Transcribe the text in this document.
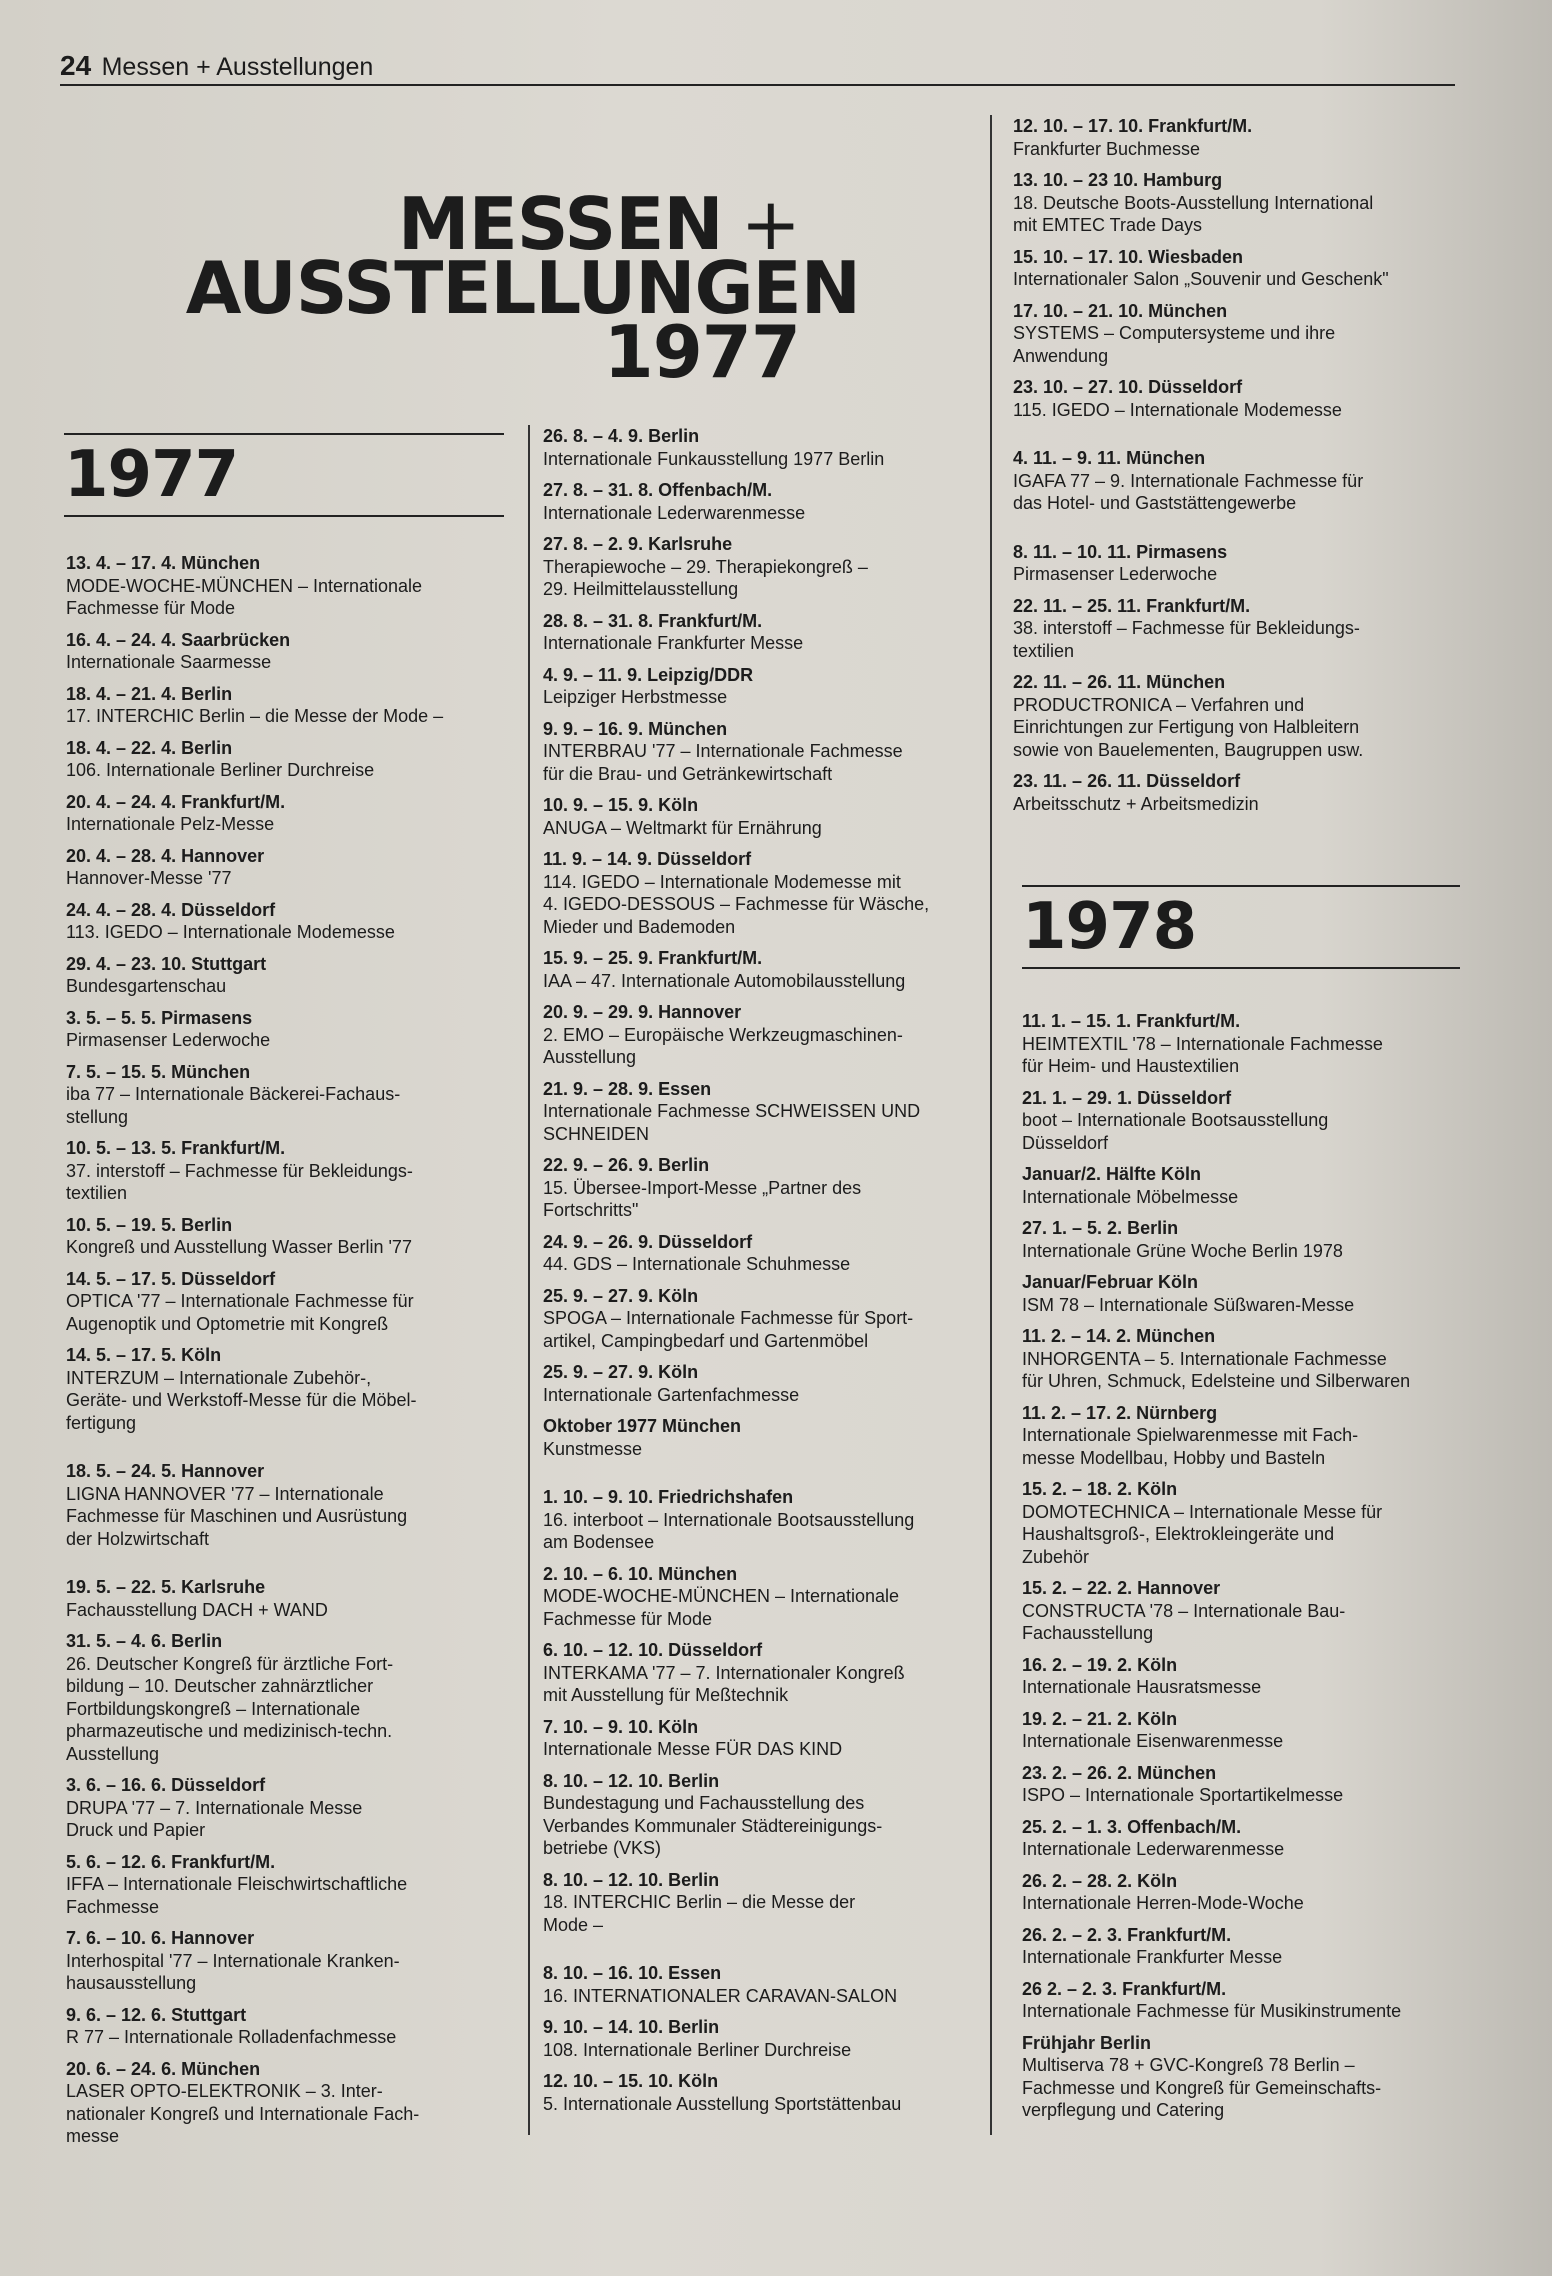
24 Messen + Ausstellungen
MESSEN +
AUSSTELLUNGEN
1977
1977
1978
13. 4. – 17. 4. München
MODE-WOCHE-MÜNCHEN – Internationale
Fachmesse für Mode
16. 4. – 24. 4. Saarbrücken
Internationale Saarmesse
18. 4. – 21. 4. Berlin
17. INTERCHIC Berlin – die Messe der Mode –
18. 4. – 22. 4. Berlin
106. Internationale Berliner Durchreise
20. 4. – 24. 4. Frankfurt/M.
Internationale Pelz-Messe
20. 4. – 28. 4. Hannover
Hannover-Messe '77
24. 4. – 28. 4. Düsseldorf
113. IGEDO – Internationale Modemesse
29. 4. – 23. 10. Stuttgart
Bundesgartenschau
3. 5. – 5. 5. Pirmasens
Pirmasenser Lederwoche
7. 5. – 15. 5. München
iba 77 – Internationale Bäckerei-Fachaus-
stellung
10. 5. – 13. 5. Frankfurt/M.
37. interstoff – Fachmesse für Bekleidungs-
textilien
10. 5. – 19. 5. Berlin
Kongreß und Ausstellung Wasser Berlin '77
14. 5. – 17. 5. Düsseldorf
OPTICA '77 – Internationale Fachmesse für
Augenoptik und Optometrie mit Kongreß
14. 5. – 17. 5. Köln
INTERZUM – Internationale Zubehör-,
Geräte- und Werkstoff-Messe für die Möbel-
fertigung
18. 5. – 24. 5. Hannover
LIGNA HANNOVER '77 – Internationale
Fachmesse für Maschinen und Ausrüstung
der Holzwirtschaft
19. 5. – 22. 5. Karlsruhe
Fachausstellung DACH + WAND
31. 5. – 4. 6. Berlin
26. Deutscher Kongreß für ärztliche Fort-
bildung – 10. Deutscher zahnärztlicher
Fortbildungskongreß – Internationale
pharmazeutische und medizinisch-techn.
Ausstellung
3. 6. – 16. 6. Düsseldorf
DRUPA '77 – 7. Internationale Messe
Druck und Papier
5. 6. – 12. 6. Frankfurt/M.
IFFA – Internationale Fleischwirtschaftliche
Fachmesse
7. 6. – 10. 6. Hannover
Interhospital '77 – Internationale Kranken-
hausausstellung
9. 6. – 12. 6. Stuttgart
R 77 – Internationale Rolladenfachmesse
20. 6. – 24. 6. München
LASER OPTO-ELEKTRONIK – 3. Inter-
nationaler Kongreß und Internationale Fach-
messe
26. 8. – 4. 9. Berlin
Internationale Funkausstellung 1977 Berlin
27. 8. – 31. 8. Offenbach/M.
Internationale Lederwarenmesse
27. 8. – 2. 9. Karlsruhe
Therapiewoche – 29. Therapiekongreß –
29. Heilmittelausstellung
28. 8. – 31. 8. Frankfurt/M.
Internationale Frankfurter Messe
4. 9. – 11. 9. Leipzig/DDR
Leipziger Herbstmesse
9. 9. – 16. 9. München
INTERBRAU '77 – Internationale Fachmesse
für die Brau- und Getränkewirtschaft
10. 9. – 15. 9. Köln
ANUGA – Weltmarkt für Ernährung
11. 9. – 14. 9. Düsseldorf
114. IGEDO – Internationale Modemesse mit
4. IGEDO-DESSOUS – Fachmesse für Wäsche,
Mieder und Bademoden
15. 9. – 25. 9. Frankfurt/M.
IAA – 47. Internationale Automobilausstellung
20. 9. – 29. 9. Hannover
2. EMO – Europäische Werkzeugmaschinen-
Ausstellung
21. 9. – 28. 9. Essen
Internationale Fachmesse SCHWEISSEN UND
SCHNEIDEN
22. 9. – 26. 9. Berlin
15. Übersee-Import-Messe „Partner des
Fortschritts"
24. 9. – 26. 9. Düsseldorf
44. GDS – Internationale Schuhmesse
25. 9. – 27. 9. Köln
SPOGA – Internationale Fachmesse für Sport-
artikel, Campingbedarf und Gartenmöbel
25. 9. – 27. 9. Köln
Internationale Gartenfachmesse
Oktober 1977 München
Kunstmesse
1. 10. – 9. 10. Friedrichshafen
16. interboot – Internationale Bootsausstellung
am Bodensee
2. 10. – 6. 10. München
MODE-WOCHE-MÜNCHEN – Internationale
Fachmesse für Mode
6. 10. – 12. 10. Düsseldorf
INTERKAMA '77 – 7. Internationaler Kongreß
mit Ausstellung für Meßtechnik
7. 10. – 9. 10. Köln
Internationale Messe FÜR DAS KIND
8. 10. – 12. 10. Berlin
Bundestagung und Fachausstellung des
Verbandes Kommunaler Städtereinigungs-
betriebe (VKS)
8. 10. – 12. 10. Berlin
18. INTERCHIC Berlin – die Messe der
Mode –
8. 10. – 16. 10. Essen
16. INTERNATIONALER CARAVAN-SALON
9. 10. – 14. 10. Berlin
108. Internationale Berliner Durchreise
12. 10. – 15. 10. Köln
5. Internationale Ausstellung Sportstättenbau
12. 10. – 17. 10. Frankfurt/M.
Frankfurter Buchmesse
13. 10. – 23 10. Hamburg
18. Deutsche Boots-Ausstellung International
mit EMTEC Trade Days
15. 10. – 17. 10. Wiesbaden
Internationaler Salon „Souvenir und Geschenk"
17. 10. – 21. 10. München
SYSTEMS – Computersysteme und ihre
Anwendung
23. 10. – 27. 10. Düsseldorf
115. IGEDO – Internationale Modemesse
4. 11. – 9. 11. München
IGAFA 77 – 9. Internationale Fachmesse für
das Hotel- und Gaststättengewerbe
8. 11. – 10. 11. Pirmasens
Pirmasenser Lederwoche
22. 11. – 25. 11. Frankfurt/M.
38. interstoff – Fachmesse für Bekleidungs-
textilien
22. 11. – 26. 11. München
PRODUCTRONICA – Verfahren und
Einrichtungen zur Fertigung von Halbleitern
sowie von Bauelementen, Baugruppen usw.
23. 11. – 26. 11. Düsseldorf
Arbeitsschutz + Arbeitsmedizin
11. 1. – 15. 1. Frankfurt/M.
HEIMTEXTIL '78 – Internationale Fachmesse
für Heim- und Haustextilien
21. 1. – 29. 1. Düsseldorf
boot – Internationale Bootsausstellung
Düsseldorf
Januar/2. Hälfte Köln
Internationale Möbelmesse
27. 1. – 5. 2. Berlin
Internationale Grüne Woche Berlin 1978
Januar/Februar Köln
ISM 78 – Internationale Süßwaren-Messe
11. 2. – 14. 2. München
INHORGENTA – 5. Internationale Fachmesse
für Uhren, Schmuck, Edelsteine und Silberwaren
11. 2. – 17. 2. Nürnberg
Internationale Spielwarenmesse mit Fach-
messe Modellbau, Hobby und Basteln
15. 2. – 18. 2. Köln
DOMOTECHNICA – Internationale Messe für
Haushaltsgroß-, Elektrokleingeräte und
Zubehör
15. 2. – 22. 2. Hannover
CONSTRUCTA '78 – Internationale Bau-
Fachausstellung
16. 2. – 19. 2. Köln
Internationale Hausratsmesse
19. 2. – 21. 2. Köln
Internationale Eisenwarenmesse
23. 2. – 26. 2. München
ISPO – Internationale Sportartikelmesse
25. 2. – 1. 3. Offenbach/M.
Internationale Lederwarenmesse
26. 2. – 28. 2. Köln
Internationale Herren-Mode-Woche
26. 2. – 2. 3. Frankfurt/M.
Internationale Frankfurter Messe
26 2. – 2. 3. Frankfurt/M.
Internationale Fachmesse für Musikinstrumente
Frühjahr Berlin
Multiserva 78 + GVC-Kongreß 78 Berlin –
Fachmesse und Kongreß für Gemeinschafts-
verpflegung und Catering
